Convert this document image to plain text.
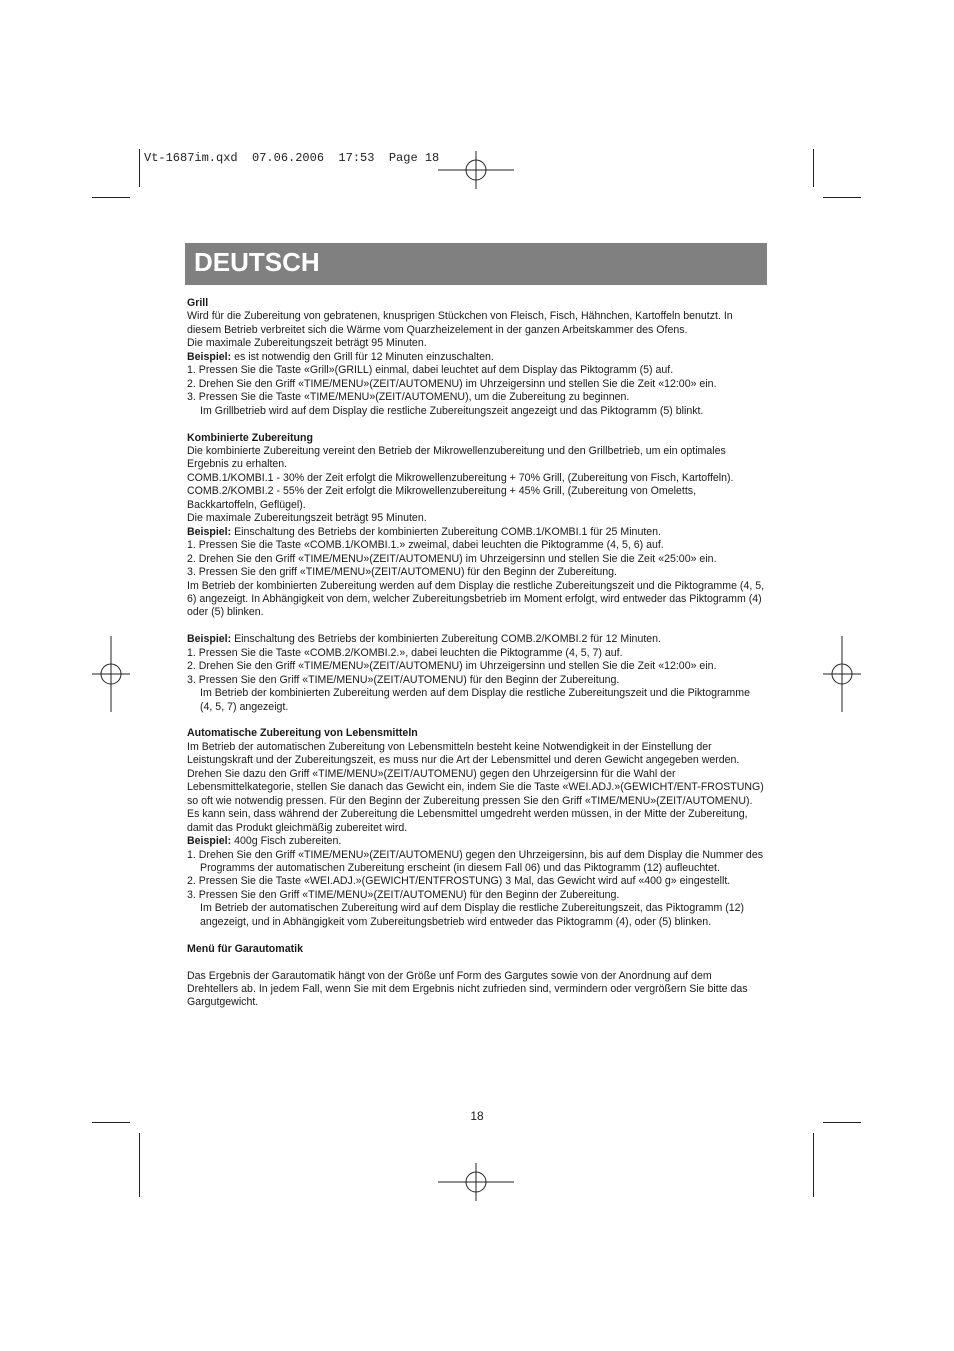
Vt-1687im.qxd  07.06.2006  17:53  Page 18
DEUTSCH
Grill

Wird für die Zubereitung von gebratenen, knusprigen Stückchen von Fleisch, Fisch, Hähnchen, Kartoffeln benutzt. In diesem Betrieb verbreitet sich die Wärme vom Quarzheizelement in der ganzen Arbeitskammer des Ofens.

Die maximale Zubereitungszeit beträgt 95 Minuten.

Beispiel: es ist notwendig den Grill für 12 Minuten einzuschalten.

1. Pressen Sie die Taste «Grill»(GRILL) einmal, dabei leuchtet auf dem Display das Piktogramm (5) auf.
2. Drehen Sie den Griff «TIME/MENU»(ZEIT/AUTOMENU) im Uhrzeigersinn und stellen Sie die Zeit «12:00» ein.
3. Pressen Sie die Taste «TIME/MENU»(ZEIT/AUTOMENU), um die Zubereitung zu beginnen.

Im Grillbetrieb wird auf dem Display die restliche Zubereitungszeit angezeigt und das Piktogramm (5) blinkt.

Kombinierte Zubereitung

Die kombinierte Zubereitung vereint den Betrieb der Mikrowellenzubereitung und den Grillbetrieb, um ein optimales Ergebnis zu erhalten.

COMB.1/KOMBI.1 - 30% der Zeit erfolgt die Mikrowellenzubereitung + 70% Grill, (Zubereitung von Fisch, Kartoffeln).

COMB.2/KOMBI.2 - 55% der Zeit erfolgt die Mikrowellenzubereitung + 45% Grill, (Zubereitung von Omeletts, Backkartoffeln, Geflügel).

Die maximale Zubereitungszeit beträgt 95 Minuten.

Beispiel: Einschaltung des Betriebs der kombinierten Zubereitung COMB.1/KOMBI.1 für 25 Minuten.

1. Pressen Sie die Taste «COMB.1/KOMBI.1.» zweimal, dabei leuchten die Piktogramme (4, 5, 6) auf.
2. Drehen Sie den Griff «TIME/MENU»(ZEIT/AUTOMENU) im Uhrzeigersinn und stellen Sie die Zeit «25:00» ein.
3. Pressen Sie den griff «TIME/MENU»(ZEIT/AUTOMENU) für den Beginn der Zubereitung.

Im Betrieb der kombinierten Zubereitung werden auf dem Display die restliche Zubereitungszeit und die Piktogramme (4, 5, 6) angezeigt. In Abhängigkeit von dem, welcher Zubereitungsbetrieb im Moment erfolgt, wird entweder das Piktogramm (4) oder (5) blinken.

Beispiel: Einschaltung des Betriebs der kombinierten Zubereitung COMB.2/KOMBI.2 für 12 Minuten.

1. Pressen Sie die Taste «COMB.2/KOMBI.2.», dabei leuchten die Piktogramme (4, 5, 7) auf.
2. Drehen Sie den Griff «TIME/MENU»(ZEIT/AUTOMENU) im Uhrzeigersinn und stellen Sie die Zeit «12:00» ein.
3. Pressen Sie den Griff «TIME/MENU»(ZEIT/AUTOMENU) für den Beginn der Zubereitung.

Im Betrieb der kombinierten Zubereitung werden auf dem Display die restliche Zubereitungszeit und die Piktogramme (4, 5, 7) angezeigt.

Automatische Zubereitung von Lebensmitteln

Im Betrieb der automatischen Zubereitung von Lebensmitteln besteht keine Notwendigkeit in der Einstellung der Leistungskraft und der Zubereitungszeit, es muss nur die Art der Lebensmittel und deren Gewicht angegeben werden.

Drehen Sie dazu den Griff «TIME/MENU»(ZEIT/AUTOMENU) gegen den Uhrzeigersinn für die Wahl der Lebensmittelkategorie, stellen Sie danach das Gewicht ein, indem Sie die Taste «WEI.ADJ.»(GEWICHT/ENT-FROSTUNG) so oft wie notwendig pressen. Für den Beginn der Zubereitung pressen Sie den Griff «TIME/MENU»(ZEIT/AUTOMENU).

Es kann sein, dass während der Zubereitung die Lebensmittel umgedreht werden müssen, in der Mitte der Zubereitung, damit das Produkt gleichmäßig zubereitet wird.

Beispiel: 400g Fisch zubereiten.

1. Drehen Sie den Griff «TIME/MENU»(ZEIT/AUTOMENU) gegen den Uhrzeigersinn, bis auf dem Display die Nummer des Programms der automatischen Zubereitung erscheint (in diesem Fall 06) und das Piktogramm (12) aufleuchtet.
2. Pressen Sie die Taste «WEI.ADJ.»(GEWICHT/ENTFROSTUNG) 3 Mal, das Gewicht wird auf «400 g» eingestellt.
3. Pressen Sie den Griff «TIME/MENU»(ZEIT/AUTOMENU) für den Beginn der Zubereitung.

Im Betrieb der automatischen Zubereitung wird auf dem Display die restliche Zubereitungszeit, das Piktogramm (12) angezeigt, und in Abhängigkeit vom Zubereitungsbetrieb wird entweder das Piktogramm (4), oder (5) blinken.

Menü für Garautomatik

Das Ergebnis der Garautomatik hängt von der Größe unf Form des Gargutes sowie von der Anordnung auf dem Drehtellers ab. In jedem Fall, wenn Sie mit dem Ergebnis nicht zufrieden sind, vermindern oder vergrößern Sie bitte das Gargutgewicht.

18
